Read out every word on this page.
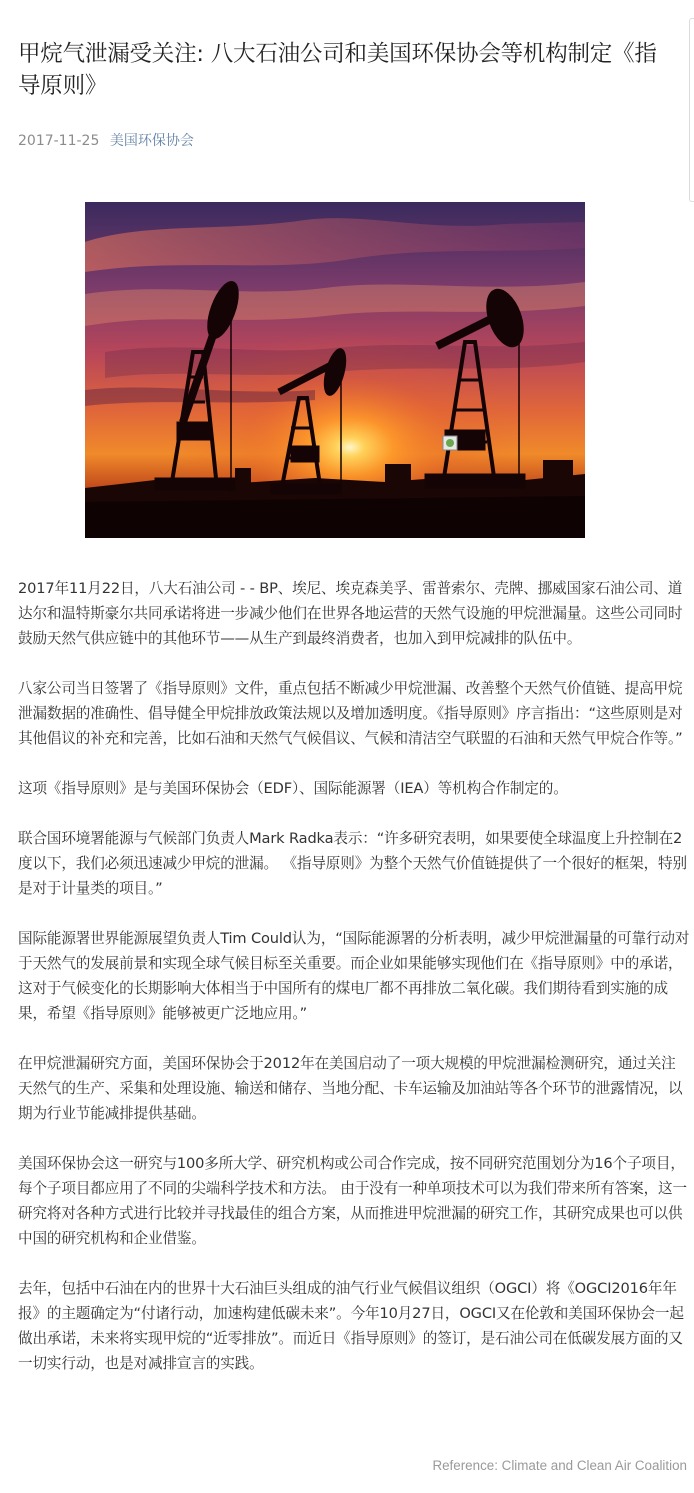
甲烷气泄漏受关注: 八大石油公司和美国环保协会等机构制定《指导原则》
2017-11-25 美国环保协会

2017年11月22日，八大石油公司 - - BP、埃尼、埃克森美孚、雷普索尔、壳牌、挪威国家石油公司、道达尔和温特斯豪尔共同承诺将进一步减少他们在世界各地运营的天然气设施的甲烷泄漏量。这些公司同时鼓励天然气供应链中的其他环节——从生产到最终消费者，也加入到甲烷减排的队伍中。

八家公司当日签署了《指导原则》文件，重点包括不断减少甲烷泄漏、改善整个天然气价值链、提高甲烷泄漏数据的准确性、倡导健全甲烷排放政策法规以及增加透明度。《指导原则》序言指出：“这些原则是对其他倡议的补充和完善，比如石油和天然气气候倡议、气候和清洁空气联盟的石油和天然气甲烷合作等。”

这项《指导原则》是与美国环保协会（EDF）、国际能源署（IEA）等机构合作制定的。

联合国环境署能源与气候部门负责人Mark Radka表示：“许多研究表明，如果要使全球温度上升控制在2度以下，我们必须迅速减少甲烷的泄漏。 《指导原则》为整个天然气价值链提供了一个很好的框架，特别是对于计量类的项目。”

国际能源署世界能源展望负责人Tim Could认为，“国际能源署的分析表明，减少甲烷泄漏量的可靠行动对于天然气的发展前景和实现全球气候目标至关重要。而企业如果能够实现他们在《指导原则》中的承诺，这对于气候变化的长期影响大体相当于中国所有的煤电厂都不再排放二氧化碳。我们期待看到实施的成果，希望《指导原则》能够被更广泛地应用。”

在甲烷泄漏研究方面，美国环保协会于2012年在美国启动了一项大规模的甲烷泄漏检测研究，通过关注天然气的生产、采集和处理设施、输送和储存、当地分配、卡车运输及加油站等各个环节的泄露情况，以期为行业节能减排提供基础。

美国环保协会这一研究与100多所大学、研究机构或公司合作完成，按不同研究范围划分为16个子项目，每个子项目都应用了不同的尖端科学技术和方法。 由于没有一种单项技术可以为我们带来所有答案，这一研究将对各种方式进行比较并寻找最佳的组合方案，从而推进甲烷泄漏的研究工作，其研究成果也可以供中国的研究机构和企业借鉴。

去年，包括中石油在内的世界十大石油巨头组成的油气行业气候倡议组织（OGCI）将《OGCI2016年年报》的主题确定为“付诸行动，加速构建低碳未来”。今年10月27日，OGCI又在伦敦和美国环保协会一起做出承诺，未来将实现甲烷的“近零排放”。而近日《指导原则》的签订，是石油公司在低碳发展方面的又一切实行动，也是对减排宣言的实践。

Reference: Climate and Clean Air Coalition
